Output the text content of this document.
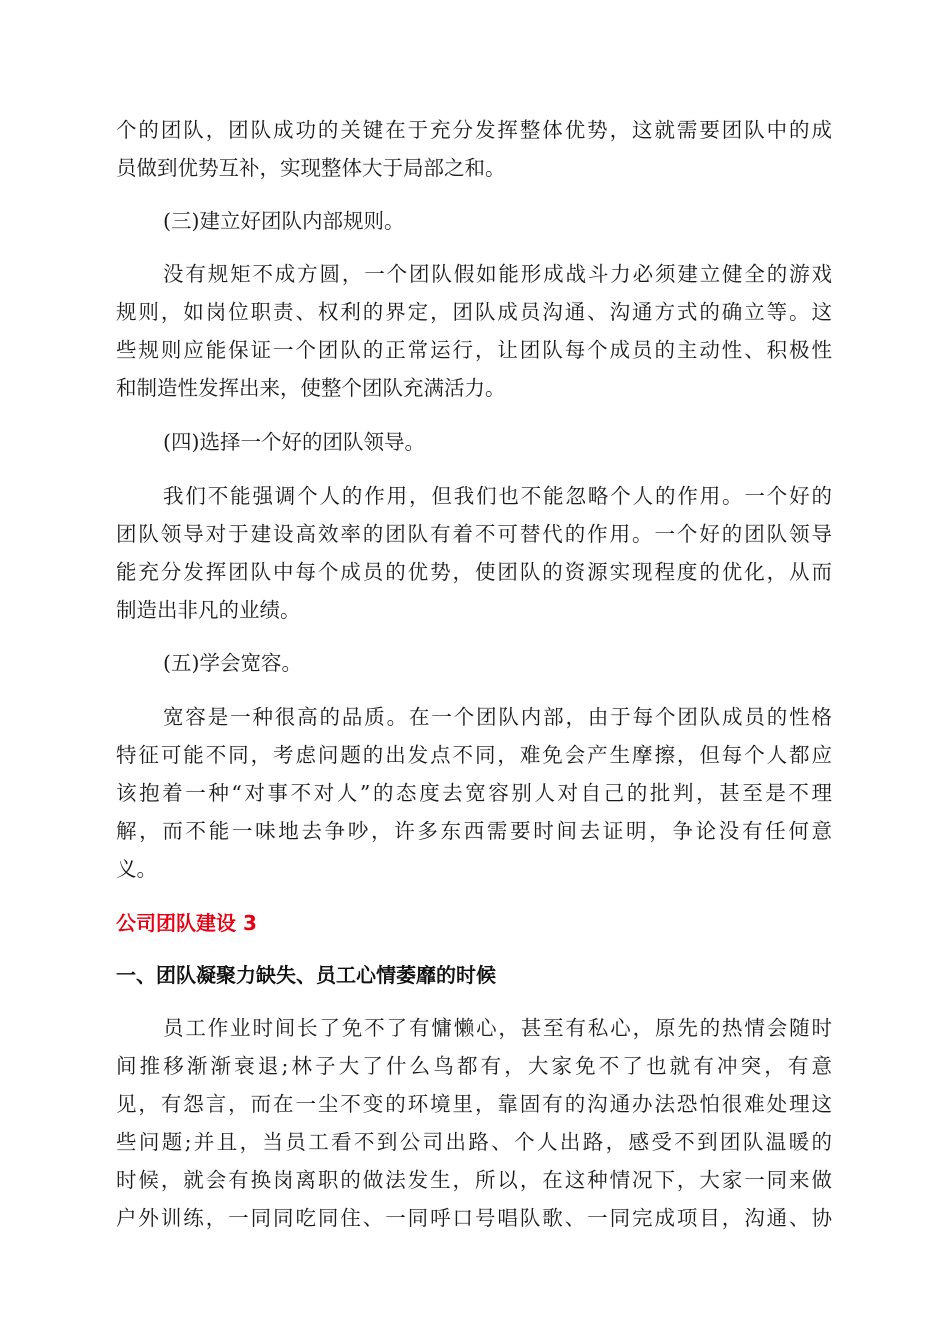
个的团队，团队成功的关键在于充分发挥整体优势，这就需要团队中的成
员做到优势互补，实现整体大于局部之和。
(三)建立好团队内部规则。
没有规矩不成方圆，一个团队假如能形成战斗力必须建立健全的游戏
规则，如岗位职责、权利的界定，团队成员沟通、沟通方式的确立等。这
些规则应能保证一个团队的正常运行，让团队每个成员的主动性、积极性
和制造性发挥出来，使整个团队充满活力。
(四)选择一个好的团队领导。
我们不能强调个人的作用，但我们也不能忽略个人的作用。一个好的
团队领导对于建设高效率的团队有着不可替代的作用。一个好的团队领导
能充分发挥团队中每个成员的优势，使团队的资源实现程度的优化，从而
制造出非凡的业绩。
(五)学会宽容。
宽容是一种很高的品质。在一个团队内部，由于每个团队成员的性格
特征可能不同，考虑问题的出发点不同，难免会产生摩擦，但每个人都应
该抱着一种“对事不对人”的态度去宽容别人对自己的批判，甚至是不理
解，而不能一味地去争吵，许多东西需要时间去证明，争论没有任何意
义。
公司团队建设 3
一、团队凝聚力缺失、员工心情萎靡的时候
员工作业时间长了免不了有慵懒心，甚至有私心，原先的热情会随时
间推移渐渐衰退;林子大了什么鸟都有，大家免不了也就有冲突，有意
见，有怨言，而在一尘不变的环境里，靠固有的沟通办法恐怕很难处理这
些问题;并且，当员工看不到公司出路、个人出路，感受不到团队温暖的
时候，就会有换岗离职的做法发生，所以，在这种情况下，大家一同来做
户外训练，一同同吃同住、一同呼口号唱队歌、一同完成项目，沟通、协
